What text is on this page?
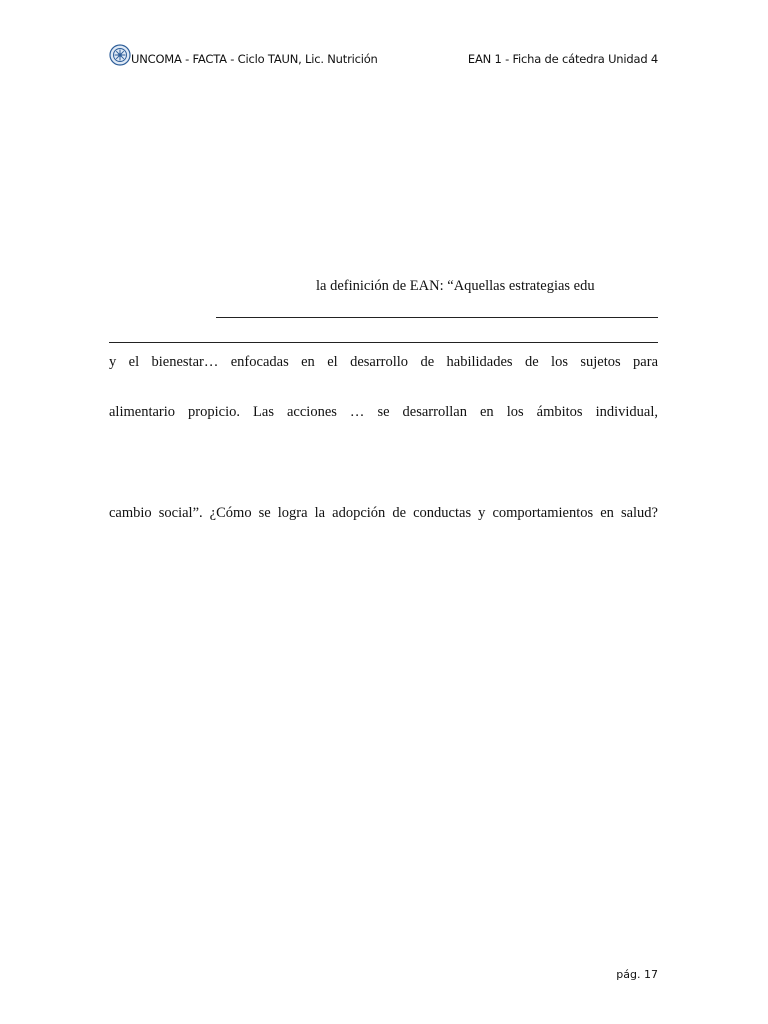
UNCOMA - FACTA - Ciclo TAUN, Lic. Nutrición	EAN 1 - Ficha de cátedra Unidad 4
la definición de EAN: “Aquellas estrategias edu
y el bienestar… enfocadas en el desarrollo de habilidades de los sujetos para
alimentario propicio. Las acciones … se desarrollan en los ámbitos individual,
cambio social”. ¿Cómo se logra la adopción de conductas y comportamientos en salud?
pág. 17
